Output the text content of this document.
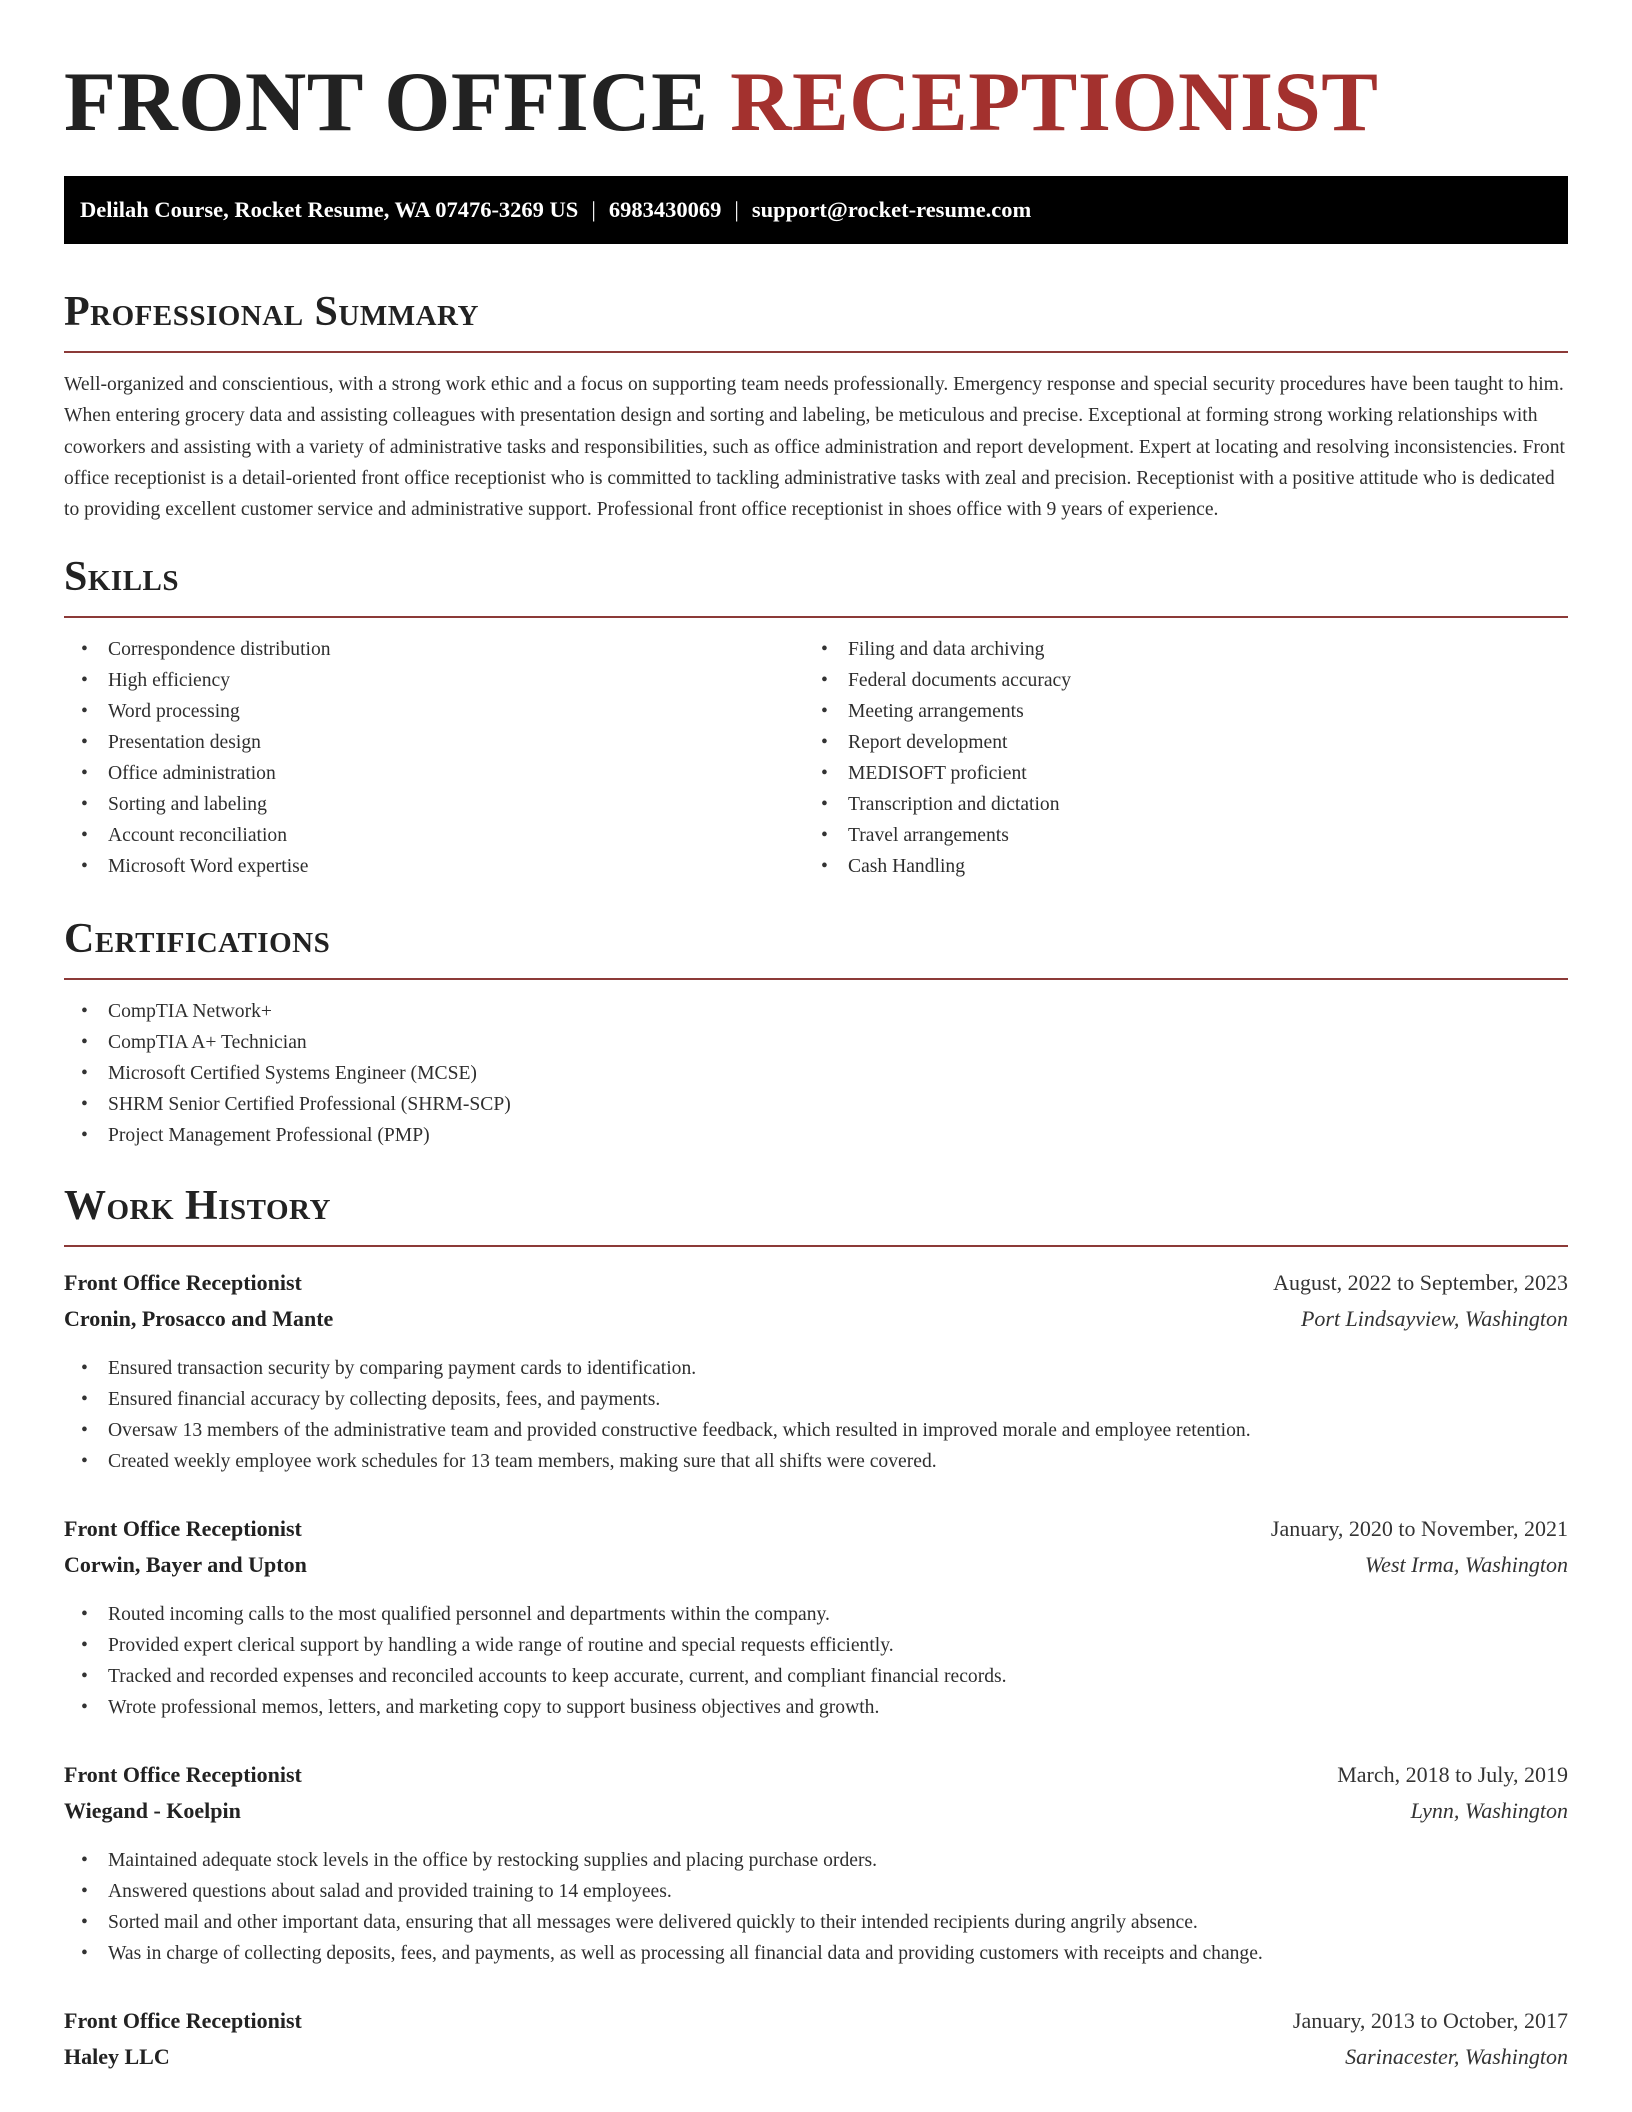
FRONT OFFICE RECEPTIONIST
Delilah Course, Rocket Resume, WA 07476-3269 US | 6983430069 | support@rocket-resume.com
Professional Summary

Well-organized and conscientious, with a strong work ethic and a focus on supporting team needs professionally. Emergency response and special security procedures have been taught to him. When entering grocery data and assisting colleagues with presentation design and sorting and labeling, be meticulous and precise. Exceptional at forming strong working relationships with coworkers and assisting with a variety of administrative tasks and responsibilities, such as office administration and report development. Expert at locating and resolving inconsistencies. Front office receptionist is a detail-oriented front office receptionist who is committed to tackling administrative tasks with zeal and precision. Receptionist with a positive attitude who is dedicated to providing excellent customer service and administrative support. Professional front office receptionist in shoes office with 9 years of experience.

Skills
• Correspondence distribution
• High efficiency
• Word processing
• Presentation design
• Office administration
• Sorting and labeling
• Account reconciliation
• Microsoft Word expertise
• Filing and data archiving
• Federal documents accuracy
• Meeting arrangements
• Report development
• MEDISOFT proficient
• Transcription and dictation
• Travel arrangements
• Cash Handling
Certifications
• CompTIA Network+
• CompTIA A+ Technician
• Microsoft Certified Systems Engineer (MCSE)
• SHRM Senior Certified Professional (SHRM-SCP)
• Project Management Professional (PMP)
Work History
Front Office Receptionist	August, 2022 to September, 2023
Cronin, Prosacco and Mante	Port Lindsayview, Washington
• Ensured transaction security by comparing payment cards to identification.
• Ensured financial accuracy by collecting deposits, fees, and payments.
• Oversaw 13 members of the administrative team and provided constructive feedback, which resulted in improved morale and employee retention.
• Created weekly employee work schedules for 13 team members, making sure that all shifts were covered.
Front Office Receptionist	January, 2020 to November, 2021
Corwin, Bayer and Upton	West Irma, Washington
• Routed incoming calls to the most qualified personnel and departments within the company.
• Provided expert clerical support by handling a wide range of routine and special requests efficiently.
• Tracked and recorded expenses and reconciled accounts to keep accurate, current, and compliant financial records.
• Wrote professional memos, letters, and marketing copy to support business objectives and growth.
Front Office Receptionist	March, 2018 to July, 2019
Wiegand - Koelpin	Lynn, Washington
• Maintained adequate stock levels in the office by restocking supplies and placing purchase orders.
• Answered questions about salad and provided training to 14 employees.
• Sorted mail and other important data, ensuring that all messages were delivered quickly to their intended recipients during angrily absence.
• Was in charge of collecting deposits, fees, and payments, as well as processing all financial data and providing customers with receipts and change.
Front Office Receptionist	January, 2013 to October, 2017
Haley LLC	Sarinacester, Washington
